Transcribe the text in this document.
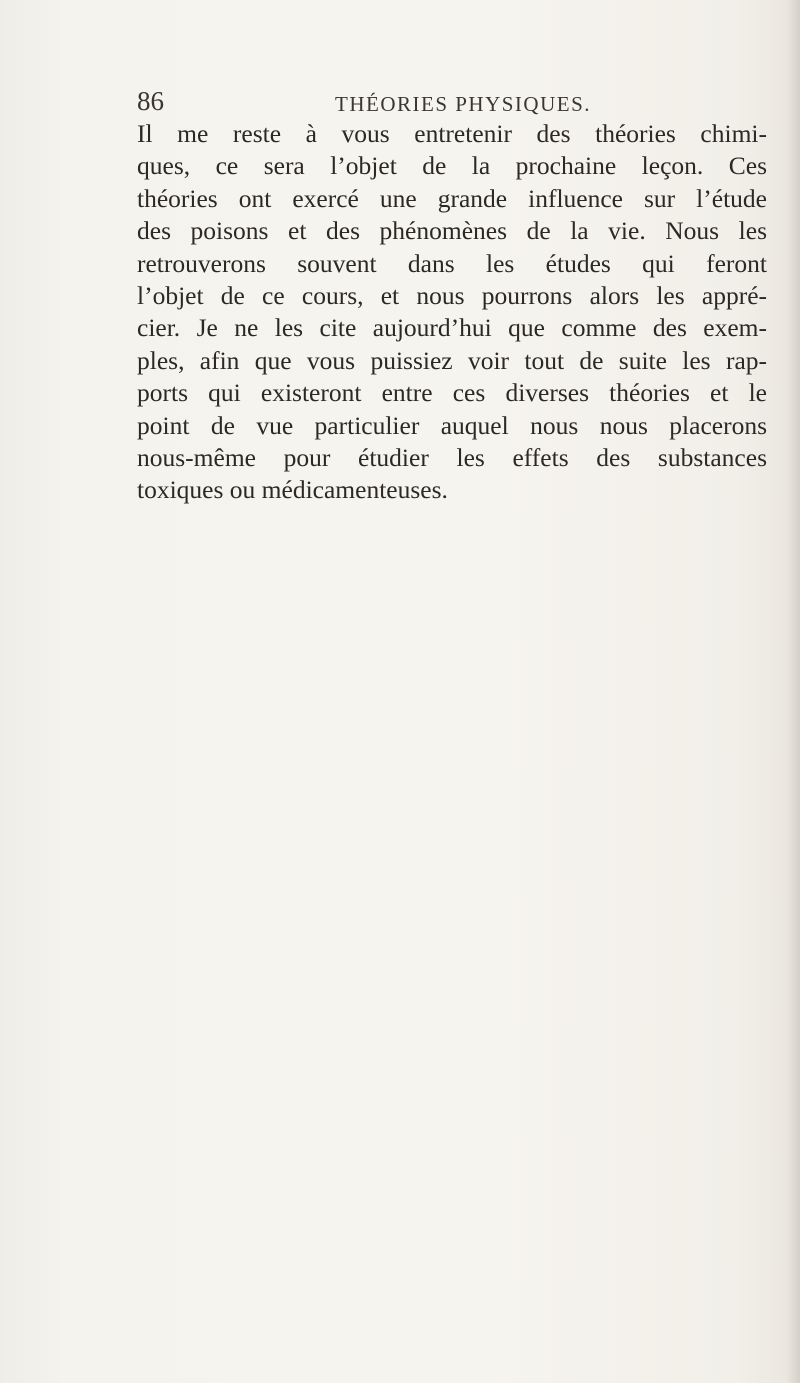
86	THÉORIES PHYSIQUES.
Il me reste à vous entretenir des théories chimi-
ques, ce sera l’objet de la prochaine leçon. Ces
théories ont exercé une grande influence sur l’étude
des poisons et des phénomènes de la vie. Nous les
retrouverons souvent dans les études qui feront
l’objet de ce cours, et nous pourrons alors les appré-
cier. Je ne les cite aujourd’hui que comme des exem-
ples, afin que vous puissiez voir tout de suite les rap-
ports qui existeront entre ces diverses théories et le
point de vue particulier auquel nous nous placerons
nous-même pour étudier les effets des substances
toxiques ou médicamenteuses.
